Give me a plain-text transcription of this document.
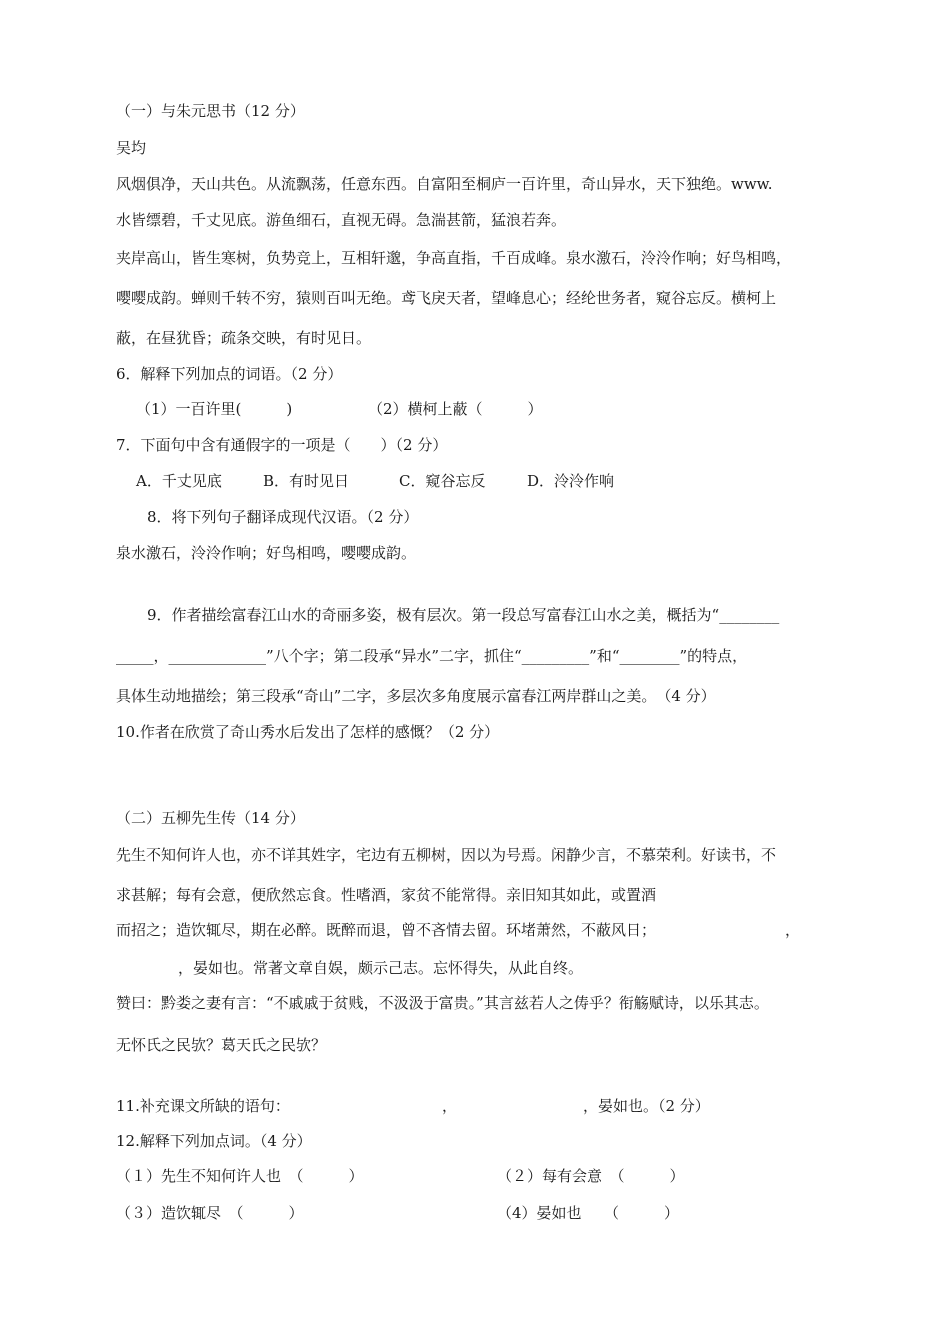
（一）与朱元思书（12 分）
吴均
风烟俱净，天山共色。从流飘荡，任意东西。自富阳至桐庐一百许里，奇山异水，天下独绝。www.
水皆缥碧，千丈见底。游鱼细石，直视无碍。急湍甚箭，猛浪若奔。
夹岸高山，皆生寒树，负势竞上，互相轩邈，争高直指，千百成峰。泉水激石，泠泠作响；好鸟相鸣，
嘤嘤成韵。蝉则千转不穷，猿则百叫无绝。鸢飞戾天者，望峰息心；经纶世务者，窥谷忘反。横柯上
蔽，在昼犹昏；疏条交映，有时见日。
6．解释下列加点的词语。（2 分）
（1）一百许里(　　　)	（2）横柯上蔽（　　　）
7．下面句中含有通假字的一项是（　　）（2 分）
A．千丈见底	B．有时见日	C．窥谷忘反	D．泠泠作响
8．将下列句子翻译成现代汉语。（2 分）
泉水激石，泠泠作响；好鸟相鸣，嘤嘤成韵。
9．作者描绘富春江山水的奇丽多姿，极有层次。第一段总写富春江山水之美，概括为“________
_____，_____________”八个字；第二段承“异水”二字，抓住“_________”和“________”的特点，
具体生动地描绘；第三段承“奇山”二字，多层次多角度展示富春江两岸群山之美。　（4 分）
10.作者在欣赏了奇山秀水后发出了怎样的感慨？（2 分）
（二）五柳先生传（14 分）
先生不知何许人也，亦不详其姓字，宅边有五柳树，因以为号焉。闲静少言，不慕荣利。好读书，不
求甚解；每有会意，便欣然忘食。性嗜酒，家贫不能常得。亲旧知其如此，或置酒
而招之；造饮辄尽，期在必醉。既醉而退，曾不吝情去留。环堵萧然，不蔽风日；	，
，晏如也。常著文章自娱，颇示己志。忘怀得失，从此自终。
赞曰：黔娄之妻有言：“不戚戚于贫贱，不汲汲于富贵。”其言兹若人之俦乎？衔觞赋诗，以乐其志。
无怀氏之民欤？葛天氏之民欤？
11.补充课文所缺的语句：	，	，晏如也。（2 分）
12.解释下列加点词。（4 分）
（１）先生不知何许人也　（　　　）	（２）每有会意　（　　　）
（３）造饮辄尽　（　　　）	（4）晏如也　　（　　　）
